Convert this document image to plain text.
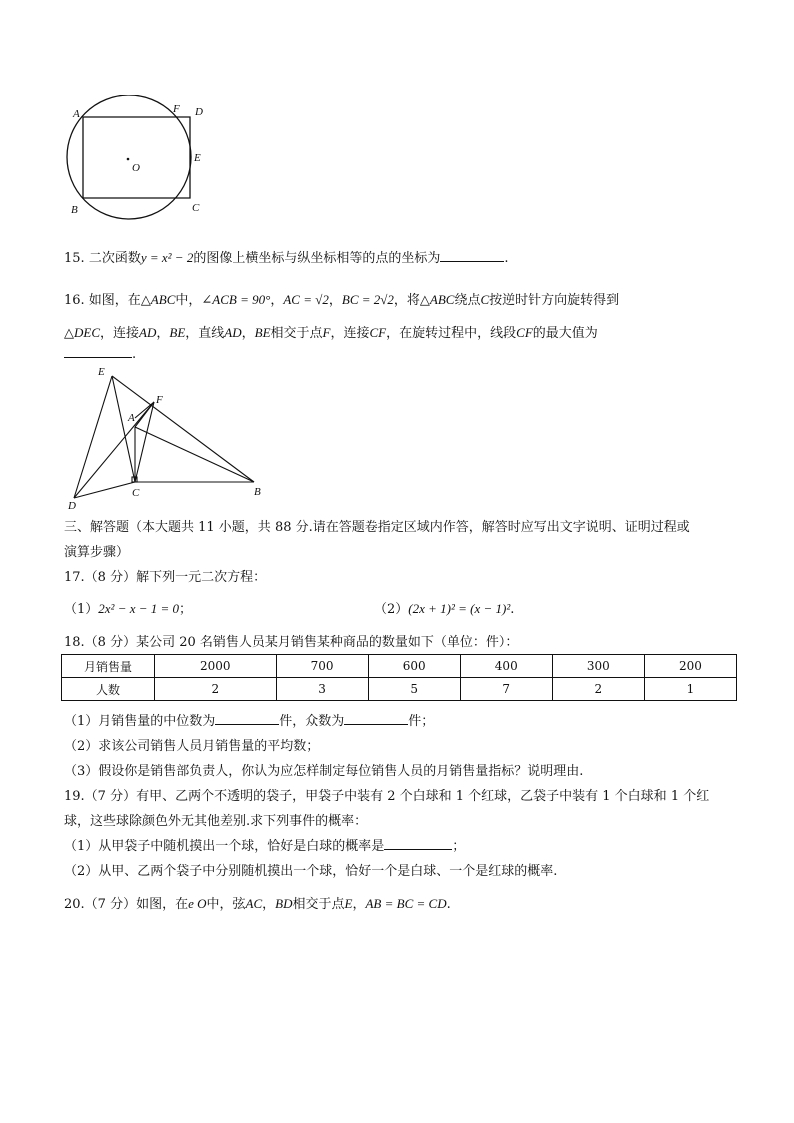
A	F D
O
E
B	C
15. 二次函数y = x² − 2的图像上横坐标与纵坐标相等的点的坐标为	.
16. 如图，在△ABC中，∠ACB = 90°，AC = √2，BC = 2√2，将△ABC绕点C按逆时针方向旋转得到
△DEC，连接AD，BE，直线AD，BE相交于点F，连接CF，在旋转过程中，线段CF的最大值为
.
E
F
A
D
C	B
三、解答题（本大题共 11 小题，共 88 分.请在答题卷指定区域内作答，解答时应写出文字说明、证明过程或
演算步骤）
17.（8 分）解下列一元二次方程：
（1）2x² − x − 1 = 0；	（2）(2x + 1)² = (x − 1)².
18.（8 分）某公司 20 名销售人员某月销售某种商品的数量如下（单位：件）：
月销售量	2000	700	600	400	300	200
人数	2	3	5	7	2	1
（1）月销售量的中位数为	件，众数为	件；
（2）求该公司销售人员月销售量的平均数；
（3）假设你是销售部负责人，你认为应怎样制定每位销售人员的月销售量指标？说明理由.
19.（7 分）有甲、乙两个不透明的袋子，甲袋子中装有 2 个白球和 1 个红球，乙袋子中装有 1 个白球和 1 个红
球，这些球除颜色外无其他差别.求下列事件的概率：
（1）从甲袋子中随机摸出一个球，恰好是白球的概率是	；
（2）从甲、乙两个袋子中分别随机摸出一个球，恰好一个是白球、一个是红球的概率.
20.（7 分）如图，在e O中，弦AC，BD相交于点E，AB = BC = CD.
